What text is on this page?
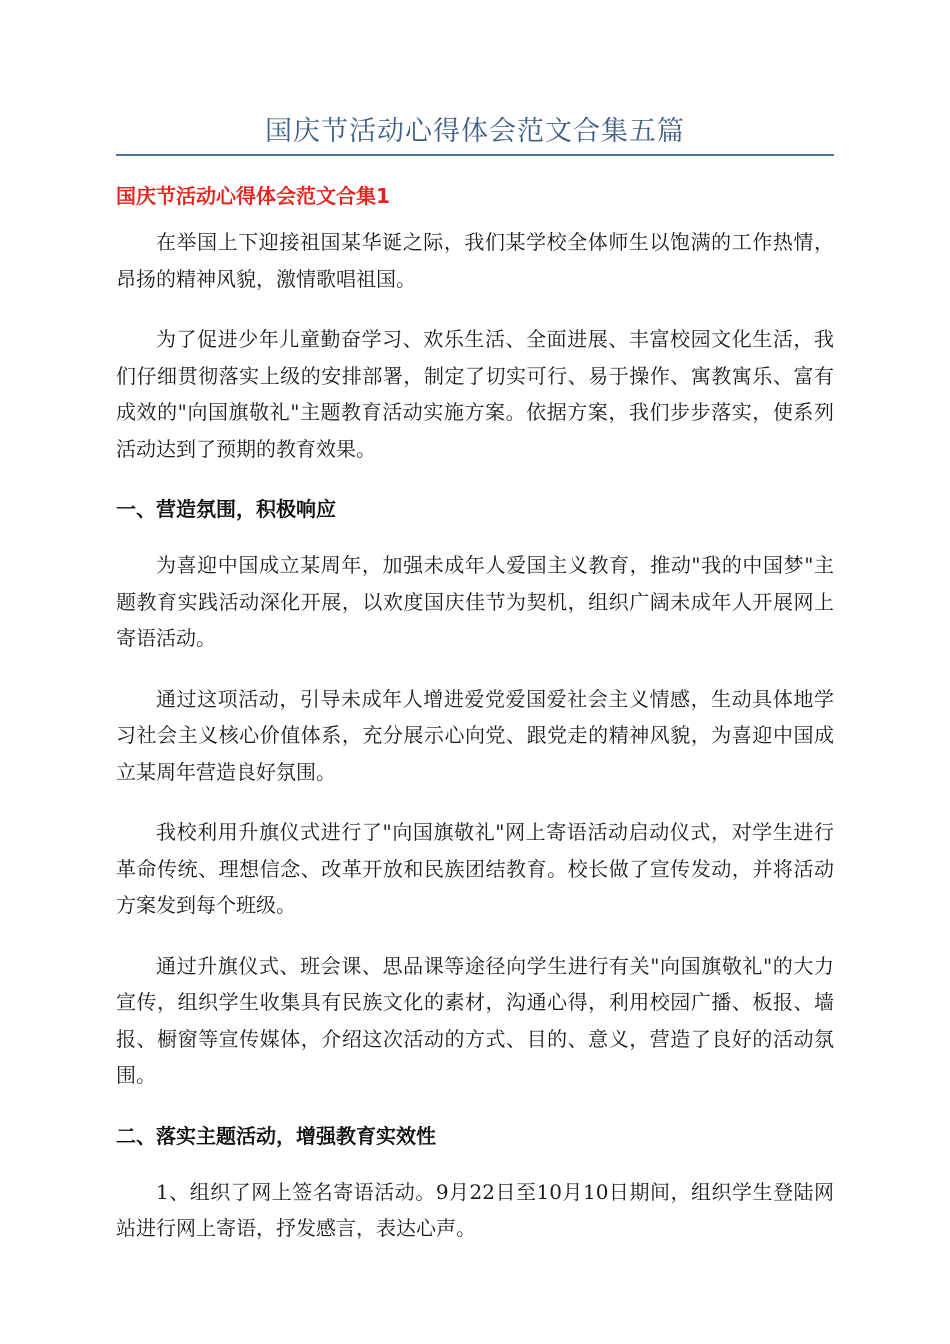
国庆节活动心得体会范文合集五篇
国庆节活动心得体会范文合集1

在举国上下迎接祖国某华诞之际，我们某学校全体师生以饱满的工作热情，昂扬的精神风貌，激情歌唱祖国。

为了促进少年儿童勤奋学习、欢乐生活、全面进展、丰富校园文化生活，我们仔细贯彻落实上级的安排部署，制定了切实可行、易于操作、寓教寓乐、富有成效的"向国旗敬礼"主题教育活动实施方案。依据方案，我们步步落实，使系列活动达到了预期的教育效果。

一、营造氛围，积极响应

为喜迎中国成立某周年，加强未成年人爱国主义教育，推动"我的中国梦"主题教育实践活动深化开展，以欢度国庆佳节为契机，组织广阔未成年人开展网上寄语活动。

通过这项活动，引导未成年人增进爱党爱国爱社会主义情感，生动具体地学习社会主义核心价值体系，充分展示心向党、跟党走的精神风貌，为喜迎中国成立某周年营造良好氛围。

我校利用升旗仪式进行了"向国旗敬礼"网上寄语活动启动仪式，对学生进行革命传统、理想信念、改革开放和民族团结教育。校长做了宣传发动，并将活动方案发到每个班级。

通过升旗仪式、班会课、思品课等途径向学生进行有关"向国旗敬礼"的大力宣传，组织学生收集具有民族文化的素材，沟通心得，利用校园广播、板报、墙报、橱窗等宣传媒体，介绍这次活动的方式、目的、意义，营造了良好的活动氛围。

二、落实主题活动，增强教育实效性

1、组织了网上签名寄语活动。9月22日至10月10日期间，组织学生登陆网站进行网上寄语，抒发感言，表达心声。
